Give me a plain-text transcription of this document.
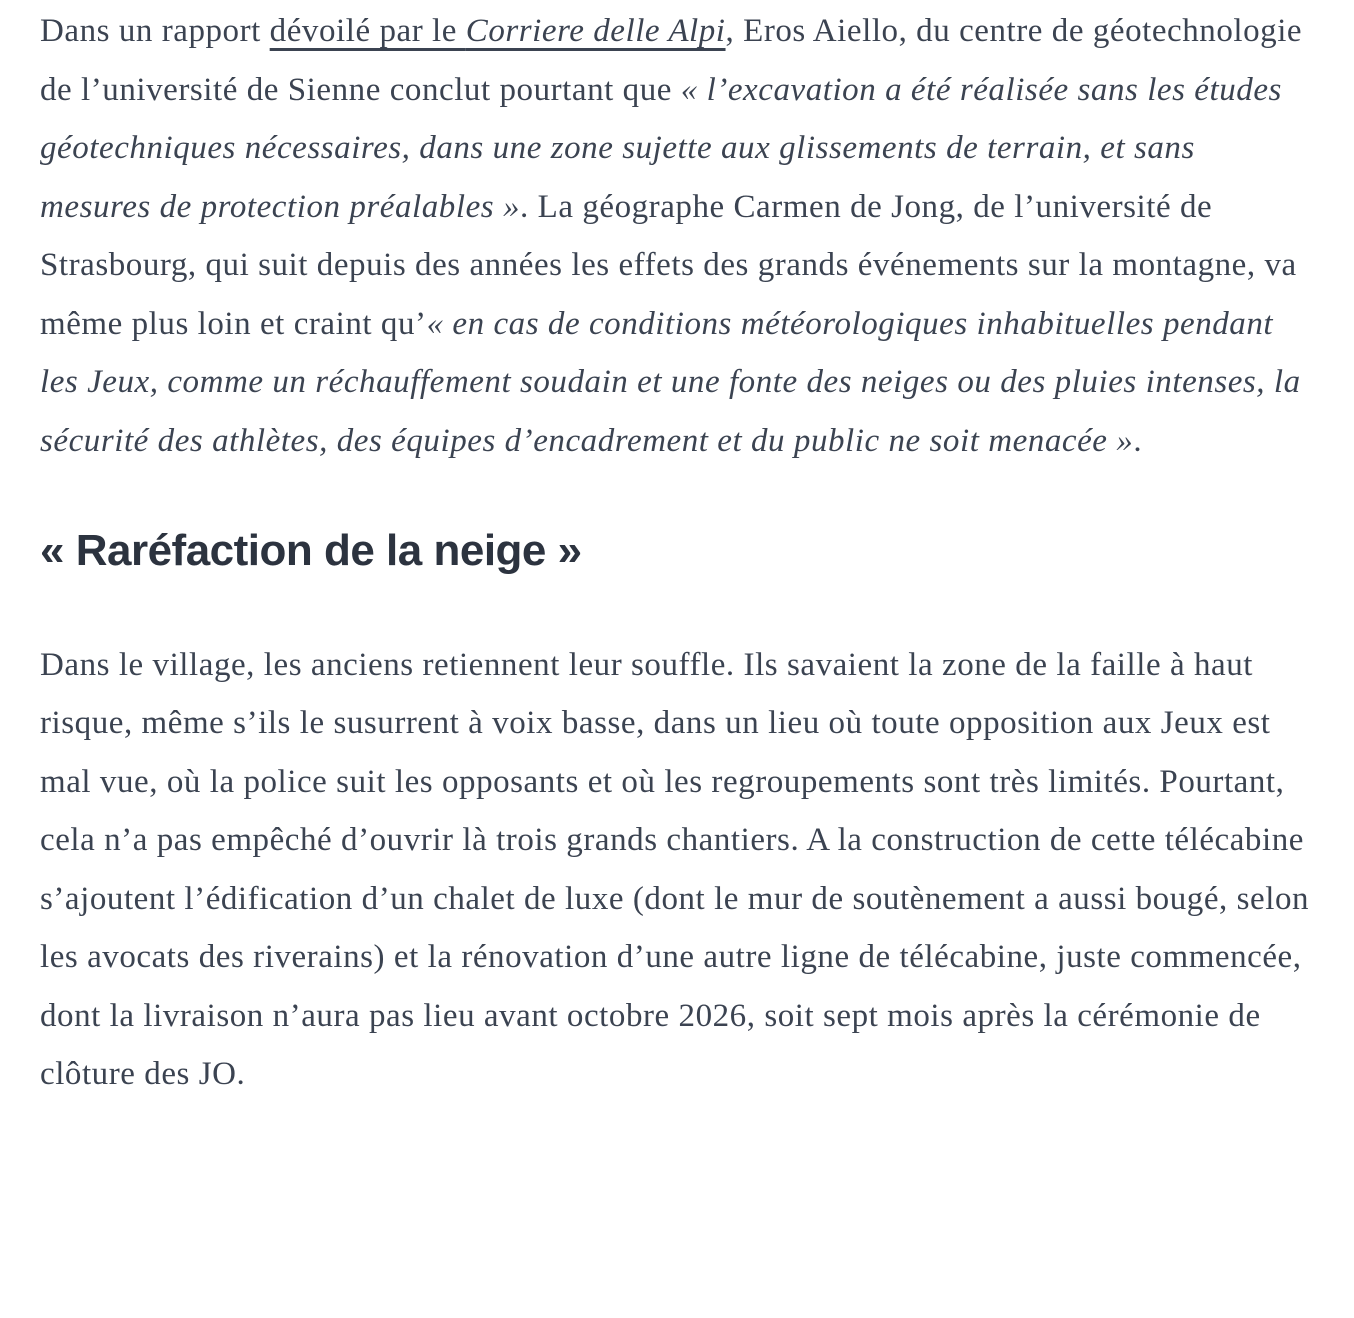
Dans un rapport dévoilé par le Corriere delle Alpi, Eros Aiello, du centre de géotechnologie de l’université de Sienne conclut pourtant que « l’excavation a été réalisée sans les études géotechniques nécessaires, dans une zone sujette aux glissements de terrain, et sans mesures de protection préalables ». La géographe Carmen de Jong, de l’université de Strasbourg, qui suit depuis des années les effets des grands événements sur la montagne, va même plus loin et craint qu’« en cas de conditions météorologiques inhabituelles pendant les Jeux, comme un réchauffement soudain et une fonte des neiges ou des pluies intenses, la sécurité des athlètes, des équipes d’encadrement et du public ne soit menacée ».

« Raréfaction de la neige »

Dans le village, les anciens retiennent leur souffle. Ils savaient la zone de la faille à haut risque, même s’ils le susurrent à voix basse, dans un lieu où toute opposition aux Jeux est mal vue, où la police suit les opposants et où les regroupements sont très limités. Pourtant, cela n’a pas empêché d’ouvrir là trois grands chantiers. A la construction de cette télécabine s’ajoutent l’édification d’un chalet de luxe (dont le mur de soutènement a aussi bougé, selon les avocats des riverains) et la rénovation d’une autre ligne de télécabine, juste commencée, dont la livraison n’aura pas lieu avant octobre 2026, soit sept mois après la cérémonie de clôture des JO.
